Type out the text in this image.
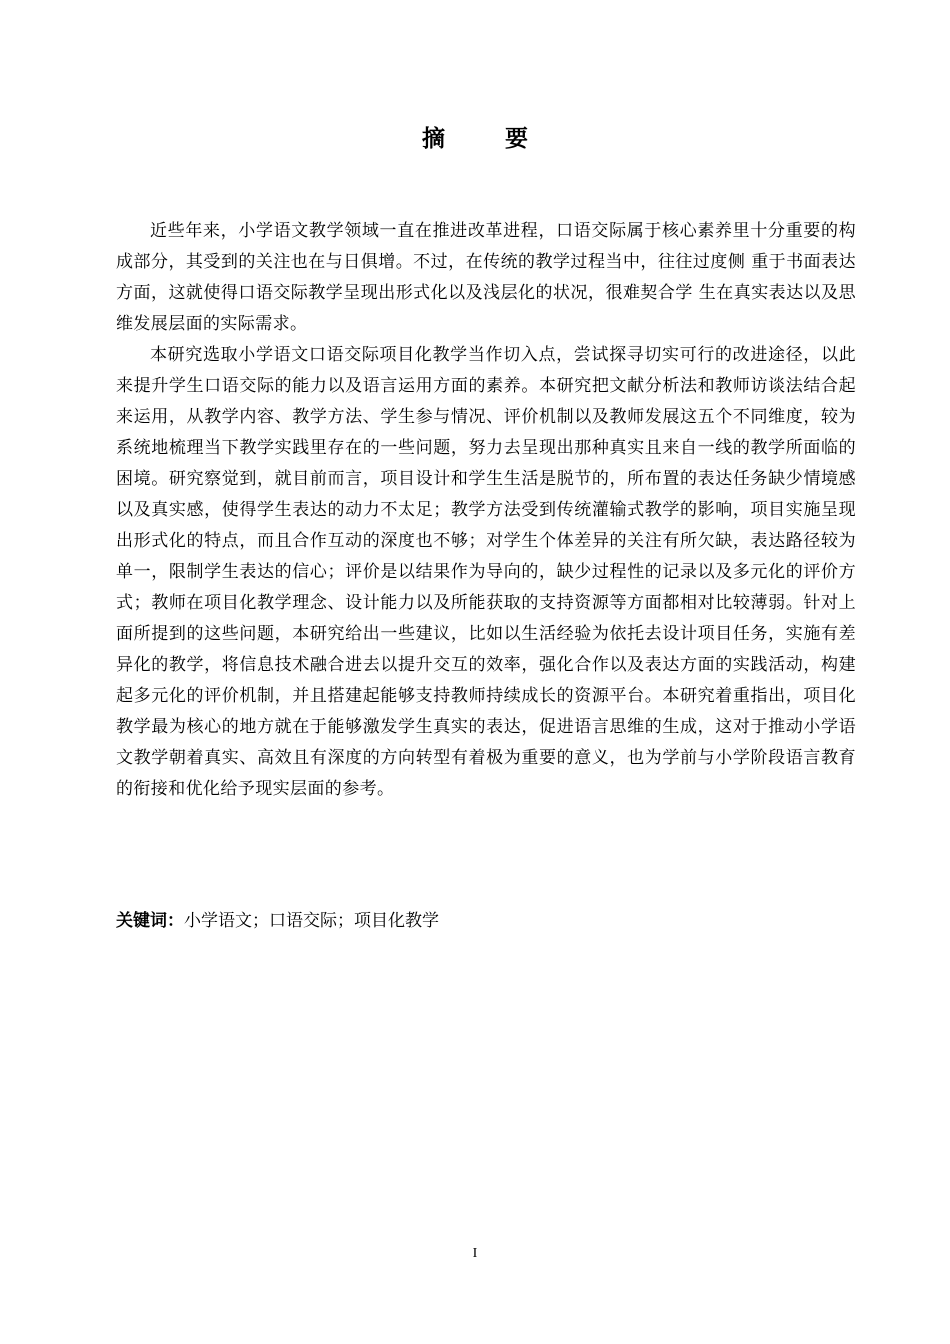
摘 要

近些年来，小学语文教学领域一直在推进改革进程，口语交际属于核心素养里十分重要的构成部分，其受到的关注也在与日俱增。不过，在传统的教学过程当中，往往过度侧 重于书面表达方面，这就使得口语交际教学呈现出形式化以及浅层化的状况，很难契合学 生在真实表达以及思维发展层面的实际需求。

本研究选取小学语文口语交际项目化教学当作切入点，尝试探寻切实可行的改进途径，以此来提升学生口语交际的能力以及语言运用方面的素养。本研究把文献分析法和教师访谈法结合起来运用，从教学内容、教学方法、学生参与情况、评价机制以及教师发展这五个不同维度，较为系统地梳理当下教学实践里存在的一些问题，努力去呈现出那种真实且来自一线的教学所面临的困境。研究察觉到，就目前而言，项目设计和学生生活是脱节的，所布置的表达任务缺少情境感以及真实感，使得学生表达的动力不太足；教学方法受到传统灌输式教学的影响，项目实施呈现出形式化的特点，而且合作互动的深度也不够；对学生个体差异的关注有所欠缺，表达路径较为单一，限制学生表达的信心；评价是以结果作为导向的，缺少过程性的记录以及多元化的评价方式；教师在项目化教学理念、设计能力以及所能获取的支持资源等方面都相对比较薄弱。针对上面所提到的这些问题，本研究给出一些建议，比如以生活经验为依托去设计项目任务，实施有差异化的教学，将信息技术融合进去以提升交互的效率，强化合作以及表达方面的实践活动，构建起多元化的评价机制，并且搭建起能够支持教师持续成长的资源平台。本研究着重指出，项目化教学最为核心的地方就在于能够激发学生真实的表达，促进语言思维的生成，这对于推动小学语文教学朝着真实、高效且有深度的方向转型有着极为重要的意义，也为学前与小学阶段语言教育的衔接和优化给予现实层面的参考。

关键词：小学语文；口语交际；项目化教学
I
